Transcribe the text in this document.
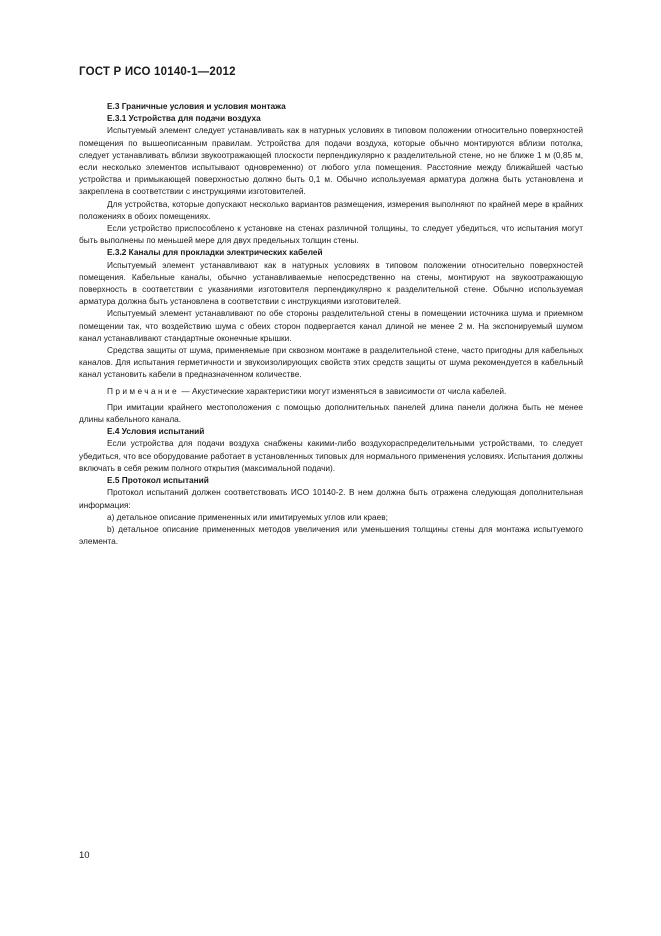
ГОСТ Р ИСО 10140-1—2012

Е.3 Граничные условия и условия монтажа

Е.3.1 Устройства для подачи воздуха

Испытуемый элемент следует устанавливать как в натурных условиях в типовом положении относительно поверхностей помещения по вышеописанным правилам. Устройства для подачи воздуха, которые обычно монтируются вблизи потолка, следует устанавливать вблизи звукоотражающей плоскости перпендикулярно к разделительной стене, но не ближе 1 м (0,85 м, если несколько элементов испытывают одновременно) от любого угла помещения. Расстояние между ближайшей частью устройства и примыкающей поверхностью должно быть 0,1 м. Обычно используемая арматура должна быть установлена и закреплена в соответствии с инструкциями изготовителей.

Для устройства, которые допускают несколько вариантов размещения, измерения выполняют по крайней мере в крайних положениях в обоих помещениях.

Если устройство приспособлено к установке на стенах различной толщины, то следует убедиться, что испытания могут быть выполнены по меньшей мере для двух предельных толщин стены.

Е.3.2 Каналы для прокладки электрических кабелей

Испытуемый элемент устанавливают как в натурных условиях в типовом положении относительно поверхностей помещения. Кабельные каналы, обычно устанавливаемые непосредственно на стены, монтируют на звукоотражающую поверхность в соответствии с указаниями изготовителя перпендикулярно к разделительной стене. Обычно используемая арматура должна быть установлена в соответствии с инструкциями изготовителей.

Испытуемый элемент устанавливают по обе стороны разделительной стены в помещении источника шума и приемном помещении так, что воздействию шума с обеих сторон подвергается канал длиной не менее 2 м. На экспонируемый шумом канал устанавливают стандартные оконечные крышки.

Средства защиты от шума, применяемые при сквозном монтаже в разделительной стене, часто пригодны для кабельных каналов. Для испытания герметичности и звукоизолирующих свойств этих средств защиты от шума рекомендуется в кабельный канал установить кабели в предназначенном количестве.

Примечание — Акустические характеристики могут изменяться в зависимости от числа кабелей.

При имитации крайнего местоположения с помощью дополнительных панелей длина панели должна быть не менее длины кабельного канала.

Е.4 Условия испытаний

Если устройства для подачи воздуха снабжены какими-либо воздухораспределительными устройствами, то следует убедиться, что все оборудование работает в установленных типовых для нормального применения условиях. Испытания должны включать в себя режим полного открытия (максимальной подачи).

Е.5 Протокол испытаний

Протокол испытаний должен соответствовать ИСО 10140-2. В нем должна быть отражена следующая дополнительная информация:

а) детальное описание примененных или имитируемых углов или краев;

b) детальное описание примененных методов увеличения или уменьшения толщины стены для монтажа испытуемого элемента.

10
